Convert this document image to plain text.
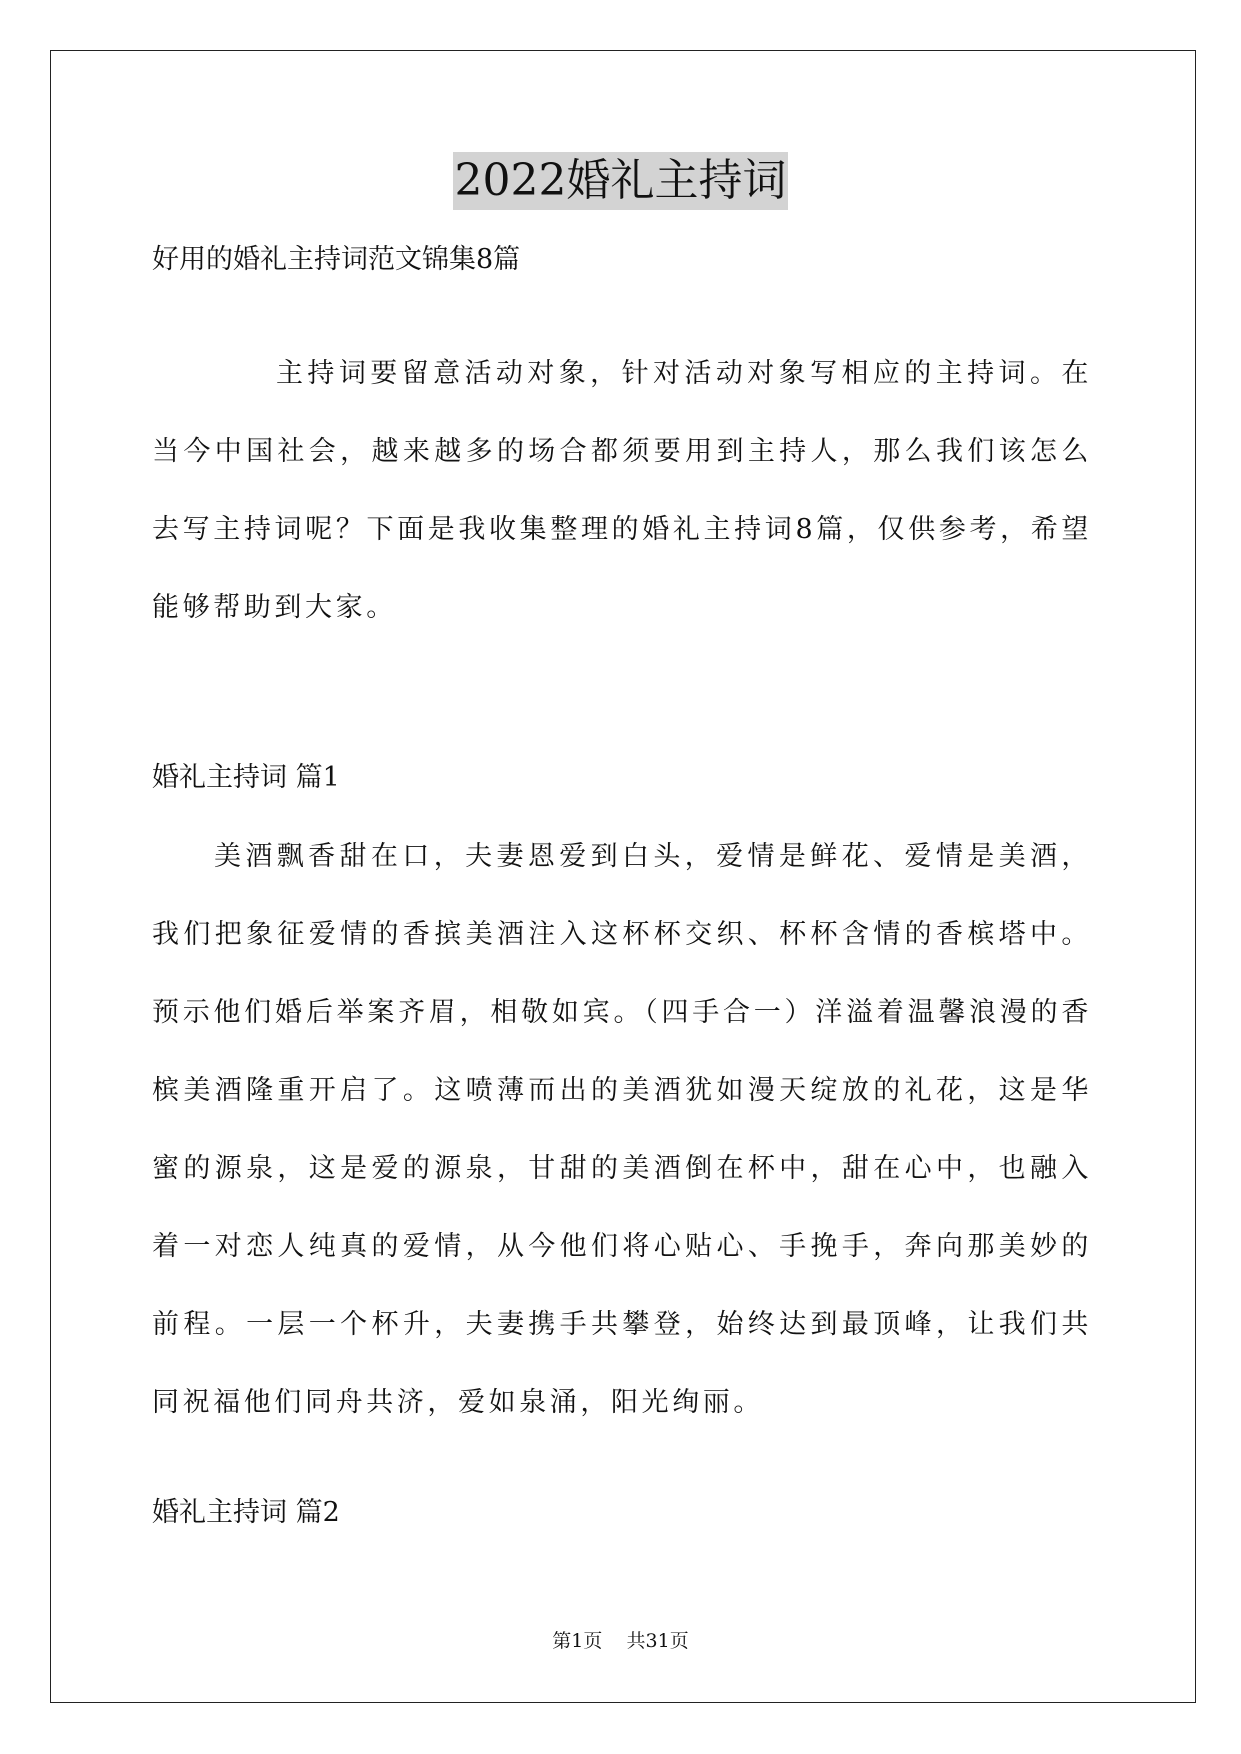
2022婚礼主持词
好用的婚礼主持词范文锦集8篇

主持词要留意活动对象，针对活动对象写相应的主持词。在当今中国社会，越来越多的场合都须要用到主持人，那么我们该怎么去写主持词呢？下面是我收集整理的婚礼主持词8篇，仅供参考，希望能够帮助到大家。

婚礼主持词 篇1

美酒飘香甜在口，夫妻恩爱到白头，爱情是鲜花、爱情是美酒，我们把象征爱情的香摈美酒注入这杯杯交织、杯杯含情的香槟塔中。预示他们婚后举案齐眉，相敬如宾。（四手合一）洋溢着温馨浪漫的香槟美酒隆重开启了。这喷薄而出的美酒犹如漫天绽放的礼花，这是华蜜的源泉，这是爱的源泉，甘甜的美酒倒在杯中，甜在心中，也融入着一对恋人纯真的爱情，从今他们将心贴心、手挽手，奔向那美妙的前程。一层一个杯升，夫妻携手共攀登，始终达到最顶峰，让我们共同祝福他们同舟共济，爱如泉涌，阳光绚丽。

婚礼主持词 篇2
第1页 共31页
